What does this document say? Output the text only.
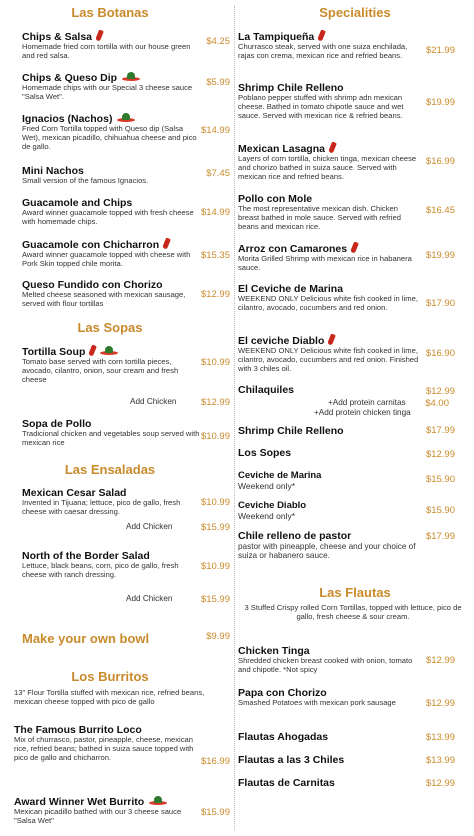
Las Botanas
Chips & Salsa
Homemade fried corn tortilla with our house green and red salsa.
$4.25
Chips & Queso Dip
Homemade chips with our Special 3 cheese sauce "Salsa Wet".
$5.99
Ignacios (Nachos)
Fried Corn Tortilla topped with Queso dip (Salsa Wet), mexican picadillo, chihuahua cheese and pico de gallo.
$14.99
Mini Nachos
Small version of the famous Ignacios.
$7.45
Guacamole and Chips
Award winner guacamole topped with fresh cheese with homemade chips.
$14.99
Guacamole con Chicharron
Award winner guacamole topped with cheese with Pork Skin topped chile morita.
$15.35
Queso Fundido con Chorizo
Melted cheese seasoned with mexican sausage, served with flour tortillas
$12.99
Las Sopas
Tortilla Soup
Tomato base served with corn tortilla pieces, avocado, cilantro, onion, sour cream and fresh cheese
$10.99
Add Chicken	$12.99
Sopa de Pollo
Tradicional chicken and vegetables soup served with mexican rice
$10.99
Las Ensaladas
Mexican Cesar Salad
Invented in Tijuana; lettuce, pico de gallo, fresh cheese with caesar dressing.
$10.99
Add Chicken	$15.99
North of the Border Salad
Lettuce, black beans, corn, pico de gallo, fresh cheese with ranch dressing.
$10.99
Add Chicken	$15.99
Make your own bowl	$9.99
Los Burritos
13" Flour Tortilla stuffed with mexican rice, refried beans, mexican cheese topped with pico de gallo
The Famous Burrito Loco
Mix of churrasco, pastor, pineapple, cheese, mexican rice, refried beans; bathed in suiza sauce topped with pico de gallo and chicharron.	$16.99
Award Winner Wet Burrito
Mexican picadillo bathed with our 3 cheese sauce "Salsa Wet"
$15.99
Specialities
La Tampiqueña
Churrasco steak, served with one suiza enchilada, rajas con crema, mexican rice and refried beans.	$21.99
Shrimp Chile Relleno
Poblano pepper stuffed with shrimp adn mexican cheese. Bathed in tomato chipotle sauce and wet sauce. Served with mexican rice & refried beans.
$19.99
Mexican Lasagna
Layers of corn tortilla, chicken tinga, mexican cheese and chorizo bathed in suiza sauce. Served with mexican rice and refried beans.
$16.99
Pollo con Mole
The most representative mexican dish. Chicken breast bathed in mole sauce. Served with refried beans and mexican rice.
$16.45
Arroz con Camarones
Morita Grilled Shrimp with mexican rice in habanera sauce.
$19.99
El Ceviche de Marina
WEEKEND ONLY Delicious white fish cooked in lime, cilantro, avocado, cucumbers and red onion.	$17.90
El ceviche Diablo
WEEKEND ONLY Delicious white fish cooked in lime, cilantro, avocado, cucumbers and red onion. Finished with 3 chiles oil.
$16.90
Chilaquiles	$12.99
+Add protein carnitas	$4.00
+Add protein chicken tinga
Shrimp Chile Relleno	$17.99
Los Sopes	$12.99
Ceviche de Marina
Weekend only*
$15.90
Ceviche Diablo
Weekend only*	$15.90
Chile relleno de pastor
pastor with pineapple, cheese and your choice of suiza or habanero sauce.
$17.99
Las Flautas
3 Stuffed Crispy rolled Corn Tortillas, topped with lettuce, pico de gallo, fresh cheese & sour cream.
Chicken Tinga
Shredded chicken breast cooked with onion, tomato and chipotle. *Not spicy
$12.99
Papa con Chorizo
Smashed Potatoes with mexican pork sausage	$12.99
Flautas Ahogadas	$13.99
Flautas a las 3 Chiles	$13.99
Flautas de Carnitas	$12.99
